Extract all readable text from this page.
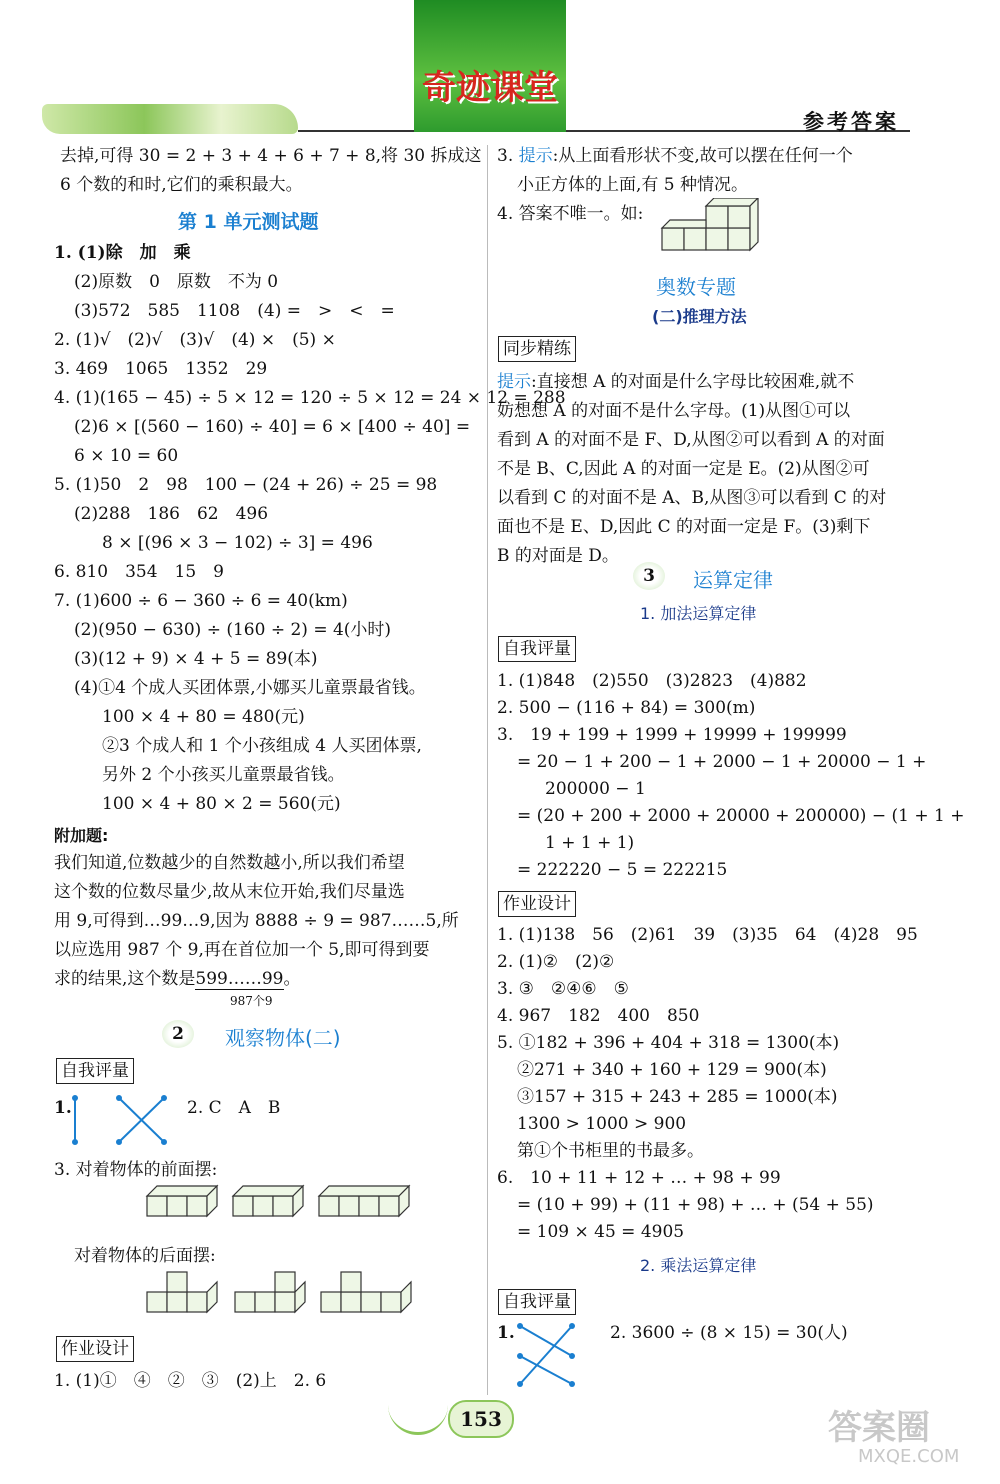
奇迹课堂
参考答案
去掉,可得 30 = 2 + 3 + 4 + 6 + 7 + 8,将 30 拆成这
6 个数的和时,它们的乘积最大。
第 1 单元测试题
1. (1)除　加　乘
(2)原数　0　原数　不为 0
(3)572　585　1108　(4) =　>　<　=
2. (1)√　(2)√　(3)√　(4) ×　(5) ×
3. 469　1065　1352　29
4. (1)(165 − 45) ÷ 5 × 12 = 120 ÷ 5 × 12 = 24 × 12 = 288
(2)6 × [(560 − 160) ÷ 40] = 6 × [400 ÷ 40] =
6 × 10 = 60
5. (1)50　2　98　100 − (24 + 26) ÷ 25 = 98
(2)288　186　62　496
8 × [(96 × 3 − 102) ÷ 3] = 496
6. 810　354　15　9
7. (1)600 ÷ 6 − 360 ÷ 6 = 40(km)
(2)(950 − 630) ÷ (160 ÷ 2) = 4(小时)
(3)(12 + 9) × 4 + 5 = 89(本)
(4)①4 个成人买团体票,小娜买儿童票最省钱。
100 × 4 + 80 = 480(元)
②3 个成人和 1 个小孩组成 4 人买团体票,
另外 2 个小孩买儿童票最省钱。
100 × 4 + 80 × 2 = 560(元)
附加题:
我们知道,位数越少的自然数越小,所以我们希望
这个数的位数尽量少,故从末位开始,我们尽量选
用 9,可得到…99…9,因为 8888 ÷ 9 = 987……5,所
以应选用 987 个 9,再在首位加一个 5,即可得到要
求的结果,这个数是599……99。
987个9
2	观察物体(二)
自我评量
1.	2. C　A　B
3. 对着物体的前面摆:
对着物体的后面摆:
作业设计
1. (1)①　④　②　③　(2)上　2. 6
3. 提示:从上面看形状不变,故可以摆在任何一个
小正方体的上面,有 5 种情况。
4. 答案不唯一。如:
奥数专题
(二)推理方法
同步精练
提示:直接想 A 的对面是什么字母比较困难,就不
妨想想 A 的对面不是什么字母。(1)从图①可以
看到 A 的对面不是 F、D,从图②可以看到 A 的对面
不是 B、C,因此 A 的对面一定是 E。(2)从图②可
以看到 C 的对面不是 A、B,从图③可以看到 C 的对
面也不是 E、D,因此 C 的对面一定是 F。(3)剩下
B 的对面是 D。
3	运算定律
1. 加法运算定律
自我评量
1. (1)848　(2)550　(3)2823　(4)882
2. 500 − (116 + 84) = 300(m)
3.　19 + 199 + 1999 + 19999 + 199999
= 20 − 1 + 200 − 1 + 2000 − 1 + 20000 − 1 +
200000 − 1
= (20 + 200 + 2000 + 20000 + 200000) − (1 + 1 +
1 + 1 + 1)
= 222220 − 5 = 222215
作业设计
1. (1)138　56　(2)61　39　(3)35　64　(4)28　95
2. (1)②　(2)②
3. ③　②④⑥　⑤
4. 967　182　400　850
5. ①182 + 396 + 404 + 318 = 1300(本)
②271 + 340 + 160 + 129 = 900(本)
③157 + 315 + 243 + 285 = 1000(本)
1300 > 1000 > 900
第①个书柜里的书最多。
6.　10 + 11 + 12 + … + 98 + 99
= (10 + 99) + (11 + 98) + … + (54 + 55)
= 109 × 45 = 4905
2. 乘法运算定律
自我评量
1.	2. 3600 ÷ (8 × 15) = 30(人)
153	答案圈
MXQE.COM
